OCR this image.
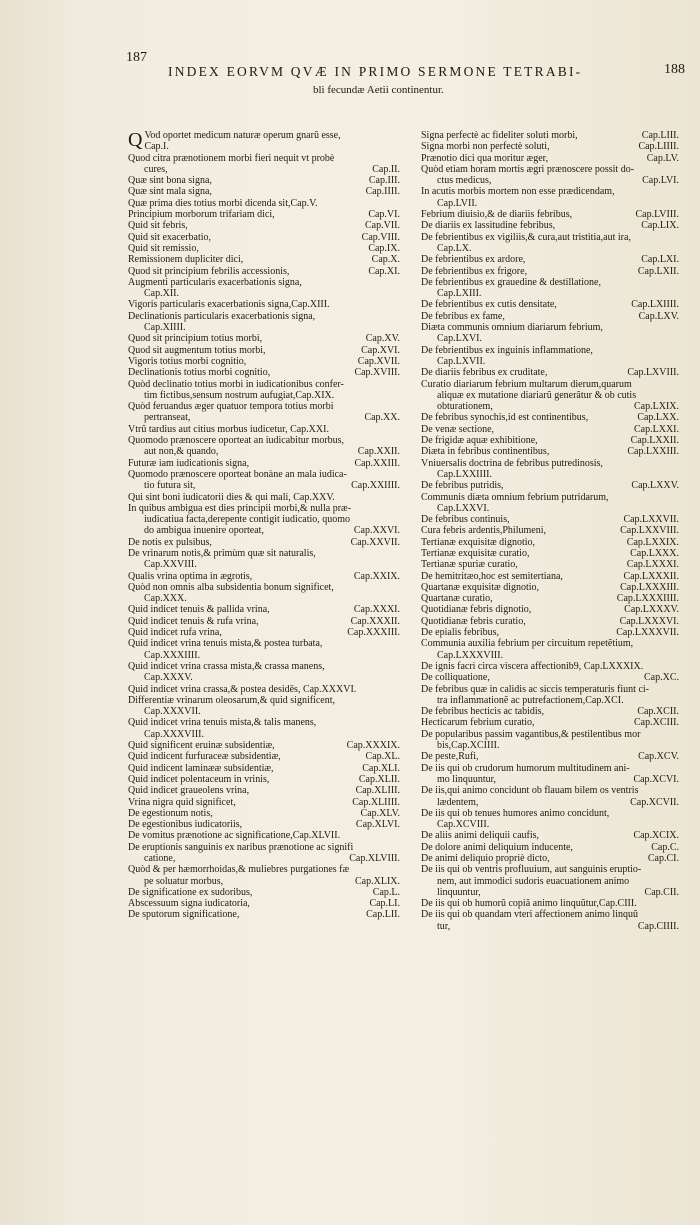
187
188
INDEX EORVM QVÆ IN PRIMO SERMONE TETRABI-
bli fecundæ Aetii continentur.
Q Vod oportet medicum naturæ operum gnarŭ esse,
Cap.I.
Quod citra prænotionem morbi fieri nequit vt probè
cures,	Cap.II.
Quæ sint bona signa,	Cap.III.
Quæ sint mala signa,	Cap.IIII.
Quæ prima dies totius morbi dicenda sit,Cap.V.
Principium morborum trifariam dici,	Cap.VI.
Quid sit febris,	Cap.VII.
Quid sit exacerbatio,	Cap.VIII.
Quid sit remissio,	Cap.IX.
Remissionem dupliciter dici,	Cap.X.
Quod sit principium febrilis accessionis,	Cap.XI.
Augmenti particularis exacerbationis signa,
Cap.XII.
Vigoris particularis exacerbationis signa,Cap.XIII.
Declinationis particularis exacerbationis signa,
Cap.XIIII.
Quod sit principium totius morbi,	Cap.XV.
Quod sit augmentum totius morbi,	Cap.XVI.
Vigoris totius morbi cognitio,	Cap.XVII.
Declinationis totius morbi cognitio,	Cap.XVIII.
Quòd declinatio totius morbi in iudicationibus confer-
tim fictibus,sensum nostrum aufugiat,Cap.XIX.
Quòd feruandus æger quatuor tempora totius morbi
pertranseat,	Cap.XX.
Vtrũ tardius aut citius morbus iudicetur, Cap.XXI.
Quomodo prænoscere oporteat an iudicabitur morbus,
aut non,& quando,	Cap.XXII.
Futuræ iam iudicationis signa,	Cap.XXIII.
Quomodo prænoscere oporteat bonàne an mala iudica-
tio futura sit,	Cap.XXIIII.
Qui sint boni iudicatorii dies & qui mali, Cap.XXV.
In quibus ambigua est dies principii morbi,& nulla præ-
iudicatiua facta,derepente contigit iudicatio, quomo
do ambigua inuenire oporteat,	Cap.XXVI.
De notis ex pulsibus,	Cap.XXVII.
De vrinarum notis,& primùm quæ sit naturalis,
Cap.XXVIII.
Qualis vrina optima in ægrotis,	Cap.XXIX.
Quòd non omnis alba subsidentia bonum significet,
Cap.XXX.
Quid indicet tenuis & pallida vrina,	Cap.XXXI.
Quid indicet tenuis & rufa vrina,	Cap.XXXII.
Quid indicet rufa vrina,	Cap.XXXIII.
Quid indicet vrina tenuis mista,& postea turbata,
Cap.XXXIIII.
Quid indicet vrina crassa mista,& crassa manens,
Cap.XXXV.
Quid indicet vrina crassa,& postea desidēs, Cap.XXXVI.
Differentiæ vrinarum oleosarum,& quid significent,
Cap.XXXVII.
Quid indicet vrina tenuis mista,& talis manens,
Cap.XXXVIII.
Quid significent eruinæ subsidentiæ,	Cap.XXXIX.
Quid indicent furfuraceæ subsidentiæ,	Cap.XL.
Quid indicent laminææ subsidentiæ,	Cap.XLI.
Quid indicet polentaceum in vrinis,	Cap.XLII.
Quid indicet graueolens vrina,	Cap.XLIII.
Vrina nigra quid significet,	Cap.XLIIII.
De egestionum notis,	Cap.XLV.
De egestionibus iudicatoriis,	Cap.XLVI.
De vomitus prænotione ac significatione,Cap.XLVII.
De eruptionis sanguinis ex naribus prænotione ac signifi
catione,	Cap.XLVIII.
Quòd & per hæmorrhoidas,& muliebres purgationes fæ
pe soluatur morbus,	Cap.XLIX.
De significatione ex sudoribus,	Cap.L.
Abscessuum signa iudicatoria,	Cap.LI.
De sputorum significatione,	Cap.LII.
Signa perfectè ac fideliter soluti morbi,	Cap.LIII.
Signa morbi non perfectè soluti,	Cap.LIIII.
Prænotio dici qua moritur æger,	Cap.LV.
Quòd etiam horam mortis ægri prænoscere possit do-
ctus medicus,	Cap.LVI.
In acutis morbis mortem non esse prædicendam,
Cap.LVII.
Febrium diuisio,& de diariis febribus,	Cap.LVIII.
De diariis ex lassitudine febribus,	Cap.LIX.
De febrientibus ex vigiliis,& cura,aut tristitia,aut ira,
Cap.LX.
De febrientibus ex ardore,	Cap.LXI.
De febrientibus ex frigore,	Cap.LXII.
De febrientibus ex grauedine & destillatione,
Cap.LXIII.
De febrientibus ex cutis densitate,	Cap.LXIIII.
De febribus ex fame,	Cap.LXV.
Diæta communis omnium diariarum febrium,
Cap.LXVI.
De febrientibus ex inguinis inflammatione,
Cap.LXVII.
De diariis febribus ex cruditate,	Cap.LXVIII.
Curatio diariarum febrium multarum dierum,quarum
aliquæ ex mutatione diariarũ generãtur & ob cutis
obturationem,	Cap.LXIX.
De febribus synochis,id est continentibus,	Cap.LXX.
De venæ sectione,	Cap.LXXI.
De frigidæ aquæ exhibitione,	Cap.LXXII.
Diæta in febribus continentibus,	Cap.LXXIII.
Vniuersalis doctrina de febribus putredinosis,
Cap.LXXIIII.
De febribus putridis,	Cap.LXXV.
Communis diæta omnium febrium putridarum,
Cap.LXXVI.
De febribus continuis,	Cap.LXXVII.
Cura febris ardentis,Philumeni,	Cap.LXXVIII.
Tertianæ exquisitæ dignotio,	Cap.LXXIX.
Tertianæ exquisitæ curatio,	Cap.LXXX.
Tertianæ spuriæ curatio,	Cap.LXXXI.
De hemitritæo,hoc est semitertiana,	Cap.LXXXII.
Quartanæ exquisitæ dignotio,	Cap.LXXXIII.
Quartanæ curatio,	Cap.LXXXIIII.
Quotidianæ febris dignotio,	Cap.LXXXV.
Quotidianæ febris curatio,	Cap.LXXXVI.
De epialis febribus,	Cap.LXXXVII.
Communia auxilia febrium per circuitum repetẽtium,
Cap.LXXXVIII.
De ignis facri circa viscera affectionib9, Cap.LXXXIX.
De colliquatione,	Cap.XC.
De febribus quæ in calidis ac siccis temperaturis fiunt ci-
tra inflammationẽ ac putrefactionem,Cap.XCI.
De febribus hecticis ac tabidis,	Cap.XCII.
Hecticarum febrium curatio,	Cap.XCIII.
De popularibus passim vagantibus,& pestilentibus mor
bis,Cap.XCIIII.
De peste,Rufi,	Cap.XCV.
De iis qui ob crudorum humorum multitudinem ani-
mo linquuntur,	Cap.XCVI.
De iis,qui animo concidunt ob flauam bilem os ventris
lædentem,	Cap.XCVII.
De iis qui ob tenues humores animo concidunt,
Cap.XCVIII.
De aliis animi deliquii caufis,	Cap.XCIX.
De dolore animi deliquium inducente,	Cap.C.
De animi deliquio propriè dicto,	Cap.CI.
De iis qui ob ventris profluuium, aut sanguinis eruptio-
nem, aut immodici sudoris euacuationem animo
linquuntur,	Cap.CII.
De iis qui ob humorũ copiã animo linquũtur,Cap.CIII.
De iis qui ob quandam vteri affectionem animo linquũ
tur,	Cap.CIIII.
